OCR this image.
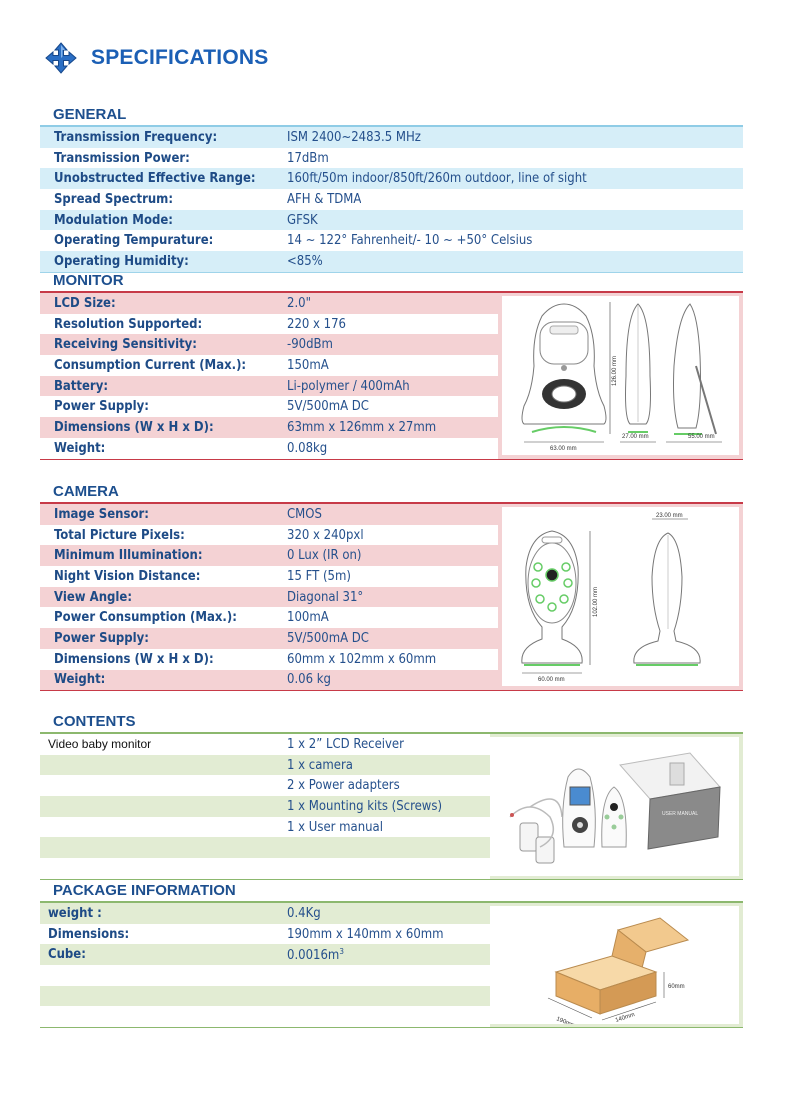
SPECIFICATIONS
GENERAL
Transmission Frequency:	ISM 2400~2483.5 MHz
Transmission Power:	17dBm
Unobstructed Effective Range:	160ft/50m indoor/850ft/260m outdoor, line of sight
Spread Spectrum:	AFH & TDMA
Modulation Mode:	GFSK
Operating Tempurature:	14 ~ 122° Fahrenheit/- 10 ~ +50° Celsius
Operating Humidity:	<85%
MONITOR
LCD Size:	2.0"
Resolution Supported:	220 x 176
Receiving Sensitivity:	-90dBm
Consumption Current (Max.):	150mA
Battery:	Li-polymer / 400mAh
Power Supply:	5V/500mA DC
Dimensions (W x H x D):	63mm x 126mm x 27mm
Weight:	0.08kg
126.00 mm
63.00 mm
27.00 mm	55.00 mm
CAMERA
Image Sensor:	CMOS
Total Picture Pixels:	320 x 240pxl
Minimum Illumination:	0 Lux (IR on)
Night Vision Distance:	15 FT (5m)
View Angle:	Diagonal 31°
Power Consumption (Max.):	100mA
Power Supply:	5V/500mA DC
Dimensions (W x H x D):	60mm x 102mm x 60mm
Weight:	0.06 kg
102.00 mm
60.00 mm
23.00 mm
CONTENTS
Video baby monitor	1 x 2” LCD Receiver
1 x camera
2 x Power adapters
1 x Mounting kits (Screws)
1 x User manual
USER MANUAL
PACKAGE INFORMATION
weight :	0.4Kg
Dimensions:	190mm x 140mm x 60mm
Cube:	$0.0016m^3$
190mm	140mm
60mm
